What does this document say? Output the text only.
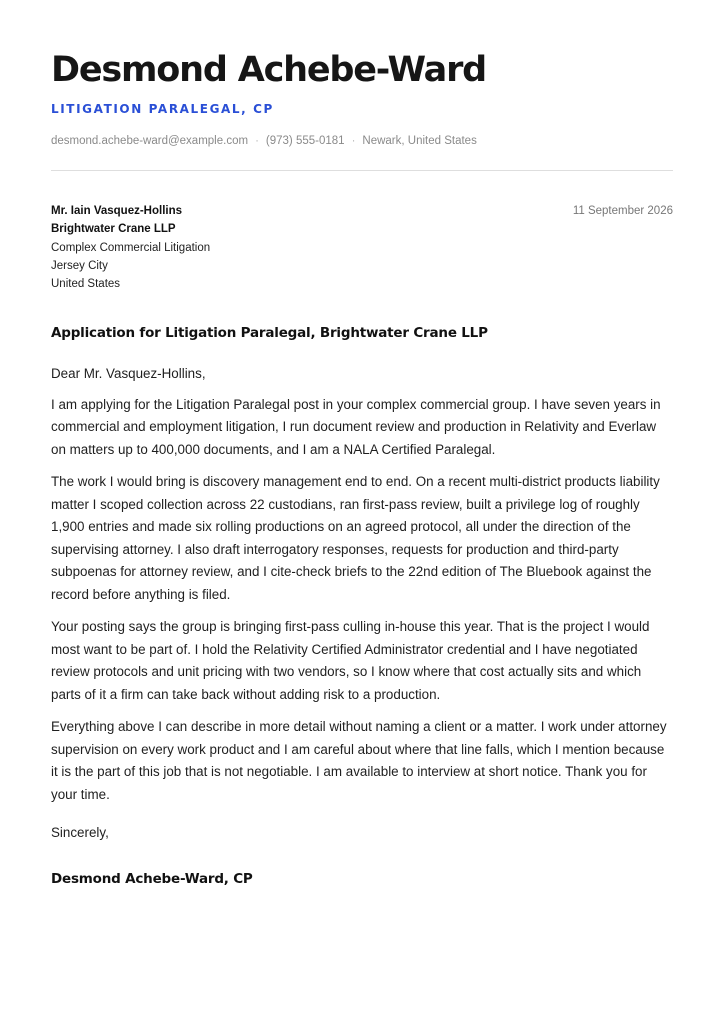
Desmond Achebe-Ward
LITIGATION PARALEGAL, CP
desmond.achebe-ward@example.com · (973) 555-0181 · Newark, United States
Mr. Iain Vasquez-Hollins
Brightwater Crane LLP
Complex Commercial Litigation
Jersey City
United States
11 September 2026
Application for Litigation Paralegal, Brightwater Crane LLP

Dear Mr. Vasquez-Hollins,

I am applying for the Litigation Paralegal post in your complex commercial group. I have seven years in commercial and employment litigation, I run document review and production in Relativity and Everlaw on matters up to 400,000 documents, and I am a NALA Certified Paralegal.

The work I would bring is discovery management end to end. On a recent multi-district products liability matter I scoped collection across 22 custodians, ran first-pass review, built a privilege log of roughly 1,900 entries and made six rolling productions on an agreed protocol, all under the direction of the supervising attorney. I also draft interrogatory responses, requests for production and third-party subpoenas for attorney review, and I cite-check briefs to the 22nd edition of The Bluebook against the record before anything is filed.

Your posting says the group is bringing first-pass culling in-house this year. That is the project I would most want to be part of. I hold the Relativity Certified Administrator credential and I have negotiated review protocols and unit pricing with two vendors, so I know where that cost actually sits and which parts of it a firm can take back without adding risk to a production.

Everything above I can describe in more detail without naming a client or a matter. I work under attorney supervision on every work product and I am careful about where that line falls, which I mention because it is the part of this job that is not negotiable. I am available to interview at short notice. Thank you for your time.

Sincerely,
Desmond Achebe-Ward, CP
